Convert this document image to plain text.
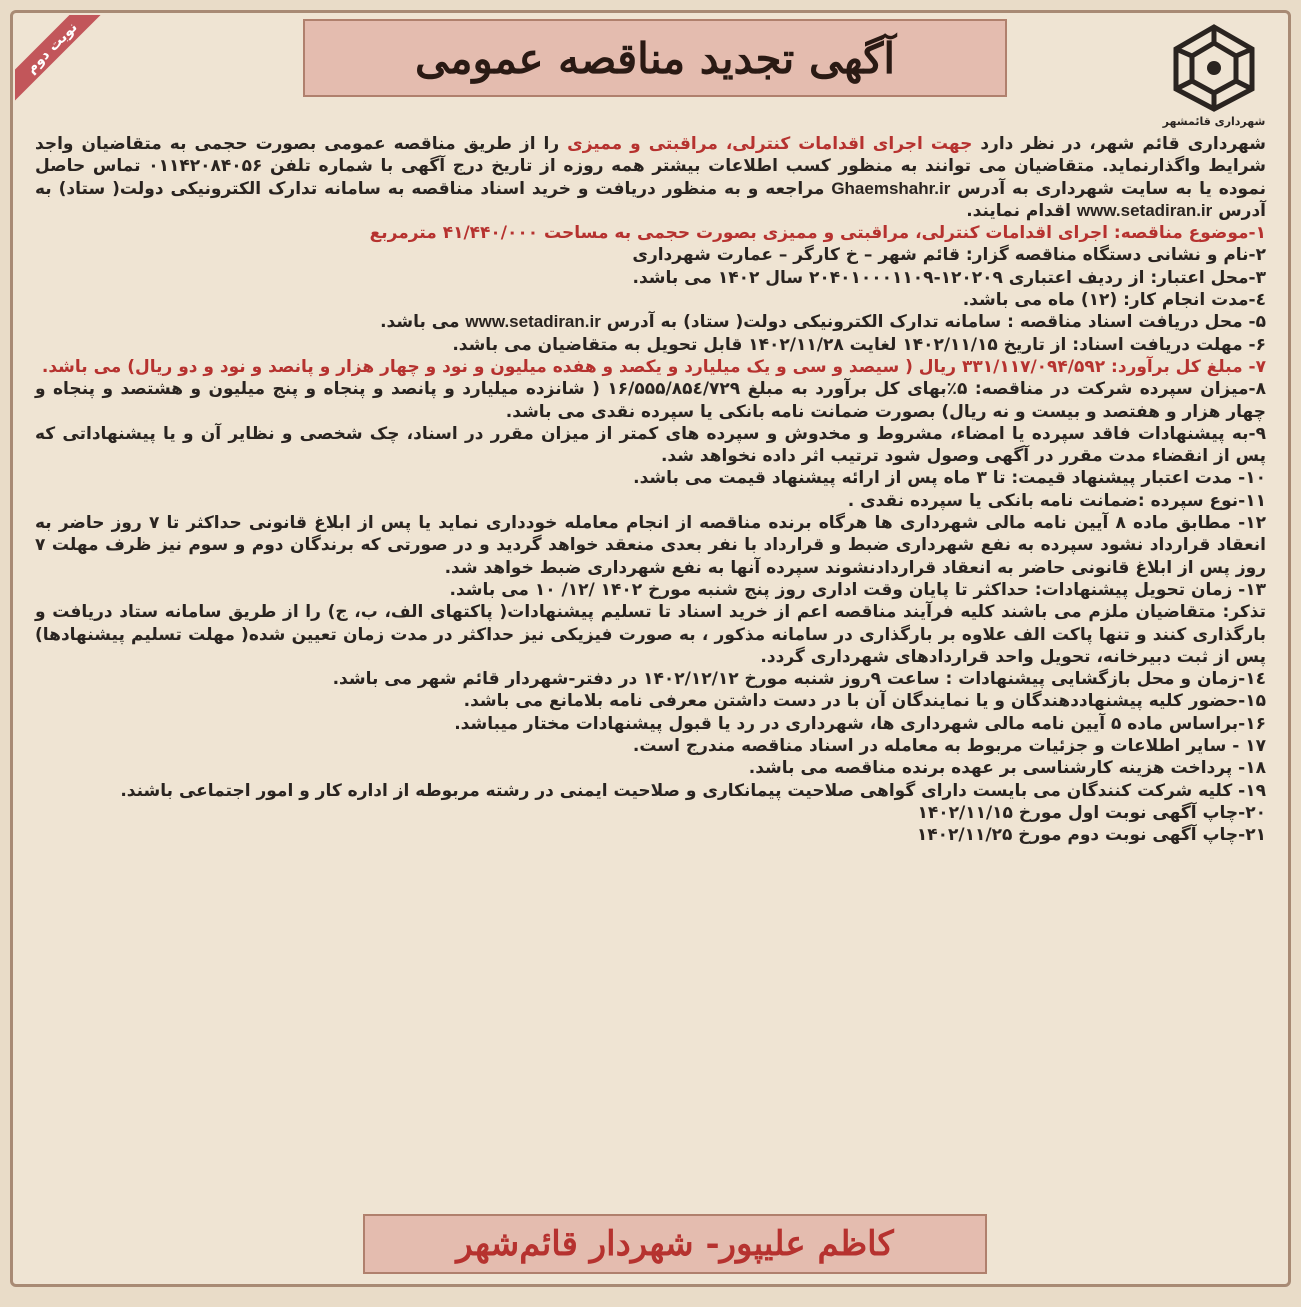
شهرداری قائمشهر
آگهی تجدید مناقصه عمومی
نوبت دوم

شهرداری قائم شهر، در نظر دارد جهت اجرای اقدامات کنترلی، مراقبتی و ممیزی را از طریق مناقصه عمومی بصورت حجمی به متقاضیان واجد شرایط واگذارنماید. متقاضیان می توانند به منظور کسب اطلاعات بیشتر همه روزه از تاریخ درج آگهی با شماره تلفن ۰۱۱۴۲۰۸۴۰۵۶ تماس حاصل نموده یا به سایت شهرداری به آدرس Ghaemshahr.ir مراجعه و به منظور دریافت و خرید اسناد مناقصه به سامانه تدارک الکترونیکی دولت( ستاد) به آدرس www.setadiran.ir اقدام نمایند.

۱-موضوع مناقصه: اجرای اقدامات کنترلی، مراقبتی و ممیزی بصورت حجمی به مساحت ۴۱/۴۴۰/۰۰۰ مترمربع
۲-نام و نشانی دستگاه مناقصه گزار: قائم شهر – خ کارگر – عمارت شهرداری
۳-محل اعتبار: از ردیف اعتباری ۱۲۰۲۰۹-۲۰۴۰۱۰۰۰۱۱۰۹ سال ۱۴۰۲ می باشد.
٤-مدت انجام کار: (۱۲) ماه می باشد.
۵- محل دریافت اسناد مناقصه : سامانه تدارک الکترونیکی دولت( ستاد) به آدرس www.setadiran.ir می باشد.
۶- مهلت دریافت اسناد: از تاریخ ۱۴۰۲/۱۱/۱۵ لغایت ۱۴۰۲/۱۱/۲۸ قابل تحویل به متقاضیان می باشد.
۷- مبلغ کل برآورد: ۳۳۱/۱۱۷/۰۹۴/۵۹۲ ریال ( سیصد و سی و یک میلیارد و یکصد و هفده میلیون و نود و چهار هزار و پانصد و نود و دو ریال) می باشد.
۸-میزان سپرده شرکت در مناقصه: ۵٪بهای کل برآورد به مبلغ ۱۶/۵۵۵/۸۵٤/۷۲۹ ( شانزده میلیارد و پانصد و پنجاه و پنج میلیون و هشتصد و پنجاه و چهار هزار و هفتصد و بیست و نه ریال) بصورت ضمانت نامه بانکی یا سپرده نقدی می باشد.
۹-به پیشنهادات فاقد سپرده یا امضاء، مشروط و مخدوش و سپرده های کمتر از میزان مقرر در اسناد، چک شخصی و نظایر آن و یا پیشنهاداتی که پس از انقضاء مدت مقرر در آگهی وصول شود ترتیب اثر داده نخواهد شد.
۱۰- مدت اعتبار پیشنهاد قیمت: تا ۳ ماه پس از ارائه پیشنهاد قیمت می باشد.
۱۱-نوع سپرده :ضمانت نامه بانکی یا سپرده نقدی .
۱۲- مطابق ماده ۸ آیین نامه مالی شهرداری ها هرگاه برنده مناقصه از انجام معامله خودداری نماید یا پس از ابلاغ قانونی حداکثر تا ۷ روز حاضر به انعقاد قرارداد نشود سپرده به نفع شهرداری ضبط و قرارداد با نفر بعدی منعقد خواهد گردید و در صورتی که برندگان دوم و سوم نیز ظرف مهلت ۷ روز پس از ابلاغ قانونی حاضر به انعقاد قراردادنشوند سپرده آنها به نفع شهرداری ضبط خواهد شد.
۱۳- زمان تحویل پیشنهادات: حداکثر تا پایان وقت اداری روز پنج شنبه مورخ ۱۴۰۲ /۱۲/ ۱۰ می باشد.
تذکر: متقاضیان ملزم می باشند کلیه فرآیند مناقصه اعم از خرید اسناد تا تسلیم پیشنهادات( پاکتهای الف، ب، ج) را از طریق سامانه ستاد دریافت و بارگذاری کنند و تنها پاکت الف علاوه بر بارگذاری در سامانه مذکور ، به صورت فیزیکی نیز حداکثر در مدت زمان تعیین شده( مهلت تسلیم پیشنهادها) پس از ثبت دبیرخانه، تحویل واحد قراردادهای شهرداری گردد.
۱٤-زمان و محل بازگشایی پیشنهادات : ساعت ۹روز شنبه مورخ ۱۴۰۲/۱۲/۱۲ در دفتر-شهردار قائم شهر می باشد.
۱۵-حضور کلیه پیشنهاددهندگان و یا نمایندگان آن با در دست داشتن معرفی نامه بلامانع می باشد.
۱۶-براساس ماده ۵ آیین نامه مالی شهرداری ها، شهرداری در رد یا قبول پیشنهادات مختار میباشد.
۱۷ - سایر اطلاعات و جزئیات مربوط به معامله در اسناد مناقصه مندرج است.
۱۸- پرداخت هزینه کارشناسی بر عهده برنده مناقصه می باشد.
۱۹- کلیه شرکت کنندگان می بایست دارای گواهی صلاحیت پیمانکاری و صلاحیت ایمنی در رشته مربوطه از اداره کار و امور اجتماعی باشند.
۲۰-چاپ آگهی نوبت اول مورخ ۱۴۰۲/۱۱/۱۵
۲۱-چاپ آگهی نوبت دوم مورخ ۱۴۰۲/۱۱/۲۵
کاظم علیپور- شهردار قائم‌شهر
